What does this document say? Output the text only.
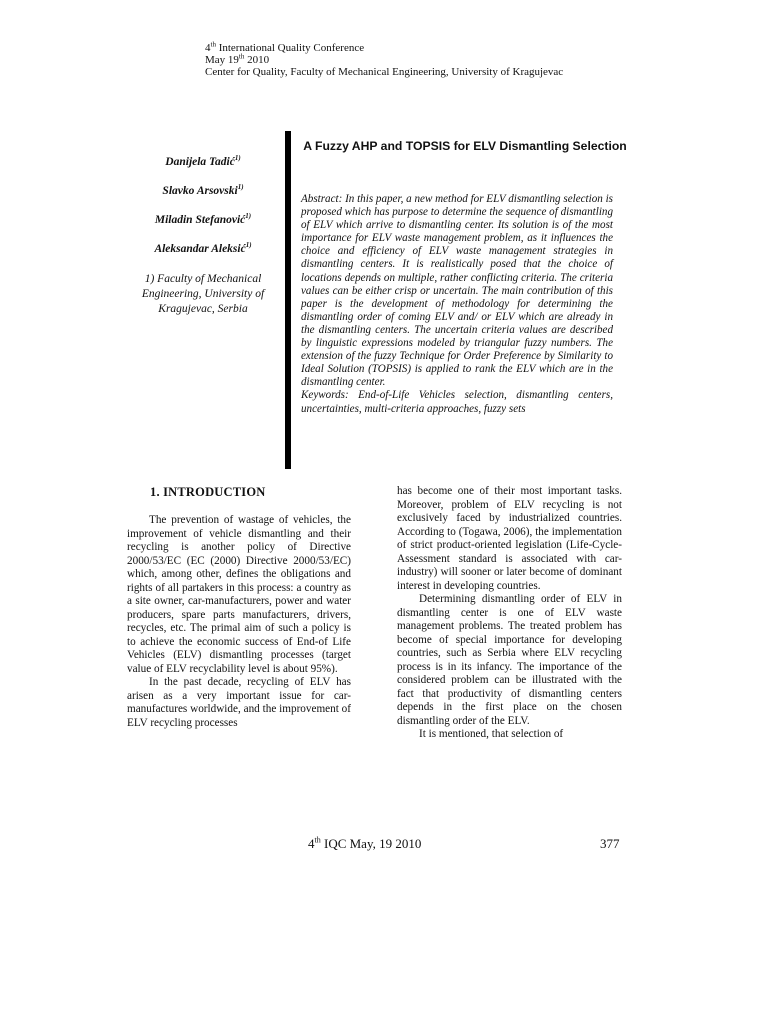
4th International Quality Conference
May 19th 2010
Center for Quality, Faculty of Mechanical Engineering, University of Kragujevac
Danijela Tadić$^{1)}$
Slavko Arsovski$^{1)}$
Miladin Stefanović$^{1)}$
Aleksandar Aleksić$^{1)}$
1) Faculty of Mechanical Engineering, University of Kragujevac, Serbia
A Fuzzy AHP and TOPSIS for ELV Dismantling Selection

Abstract: In this paper, a new method for ELV dismantling selection is proposed which has purpose to determine the sequence of dismantling of ELV which arrive to dismantling center. Its solution is of the most importance for ELV waste management problem, as it influences the choice and efficiency of ELV waste management strategies in dismantling centers. It is realistically posed that the choice of locations depends on multiple, rather conflicting criteria. The criteria values can be either crisp or uncertain. The main contribution of this paper is the development of methodology for determining the dismantling order of coming ELV and/ or ELV which are already in the dismantling centers. The uncertain criteria values are described by linguistic expressions modeled by triangular fuzzy numbers. The extension of the fuzzy Technique for Order Preference by Similarity to Ideal Solution (TOPSIS) is applied to rank the ELV which are in the dismantling center.

Keywords: End-of-Life Vehicles selection, dismantling centers, uncertainties, multi-criteria approaches, fuzzy sets

1. INTRODUCTION

The prevention of wastage of vehicles, the improvement of vehicle dismantling and their recycling is another policy of Directive 2000/53/EC (EC (2000) Directive 2000/53/EC) which, among other, defines the obligations and rights of all partakers in this process: a country as a site owner, car-manufacturers, power and water producers, spare parts manufacturers, drivers, recycles, etc. The primal aim of such a policy is to achieve the economic success of End-of Life Vehicles (ELV) dismantling processes (target value of ELV recyclability level is about 95%).

In the past decade, recycling of ELV has arisen as a very important issue for car-manufactures worldwide, and the improvement of ELV recycling processes

has become one of their most important tasks. Moreover, problem of ELV recycling is not exclusively faced by industrialized countries. According to (Togawa, 2006), the implementation of strict product-oriented legislation (Life-Cycle- Assessment standard is associated with car-industry) will sooner or later become of dominant interest in developing countries.

Determining dismantling order of ELV in dismantling center is one of ELV waste management problems. The treated problem has become of special importance for developing countries, such as Serbia where ELV recycling process is in its infancy. The importance of the considered problem can be illustrated with the fact that productivity of dismantling centers depends in the first place on the chosen dismantling order of the ELV.

It is mentioned, that selection of

4th IQC May, 19 2010	377
